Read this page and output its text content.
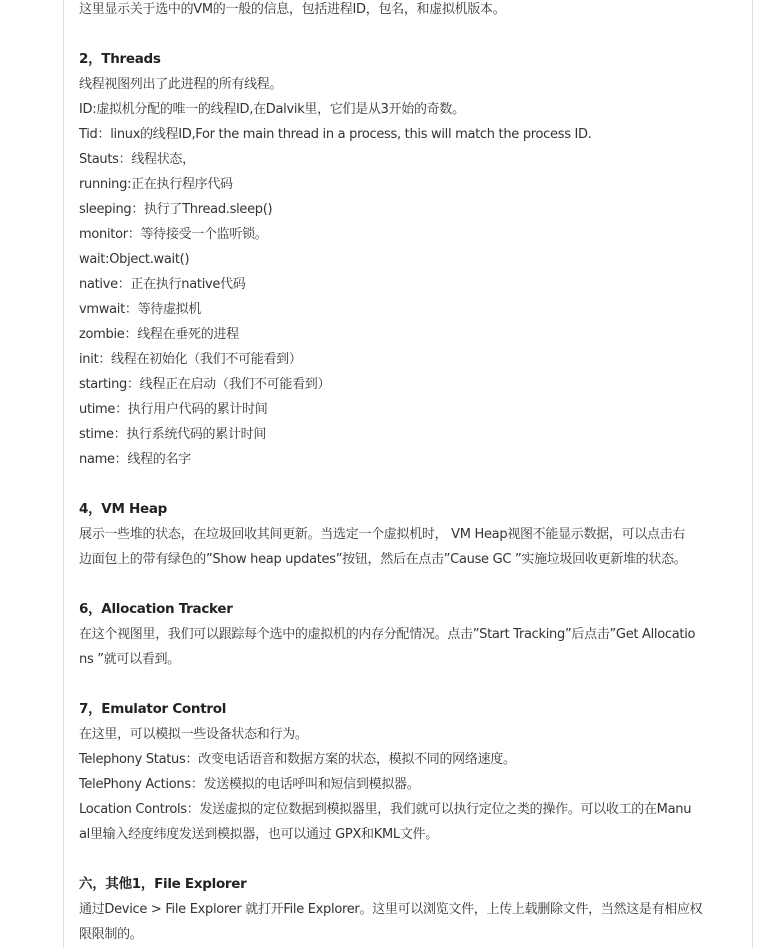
这里显示关于选中的VM的一般的信息，包括进程ID，包名，和虚拟机版本。
2，Threads
线程视图列出了此进程的所有线程。
ID:虚拟机分配的唯一的线程ID,在Dalvik里，它们是从3开始的奇数。
Tid：linux的线程ID,For the main thread in a process, this will match the process ID.
Stauts：线程状态，
running:正在执行程序代码
sleeping：执行了Thread.sleep()
monitor：等待接受一个监听锁。
wait:Object.wait()
native：正在执行native代码
vmwait：等待虚拟机
zombie：线程在垂死的进程
init：线程在初始化（我们不可能看到）
starting：线程正在启动（我们不可能看到）
utime：执行用户代码的累计时间
stime：执行系统代码的累计时间
name：线程的名字
4，VM Heap
展示一些堆的状态，在垃圾回收其间更新。当选定一个虚拟机时， VM Heap视图不能显示数据，可以点击右
边面包上的带有绿色的”Show heap updates”按钮，然后在点击”Cause GC ”实施垃圾回收更新堆的状态。
6，Allocation Tracker
在这个视图里，我们可以跟踪每个选中的虚拟机的内存分配情况。点击”Start Tracking”后点击”Get Allocatio
ns ”就可以看到。
7，Emulator Control
在这里，可以模拟一些设备状态和行为。
Telephony Status：改变电话语音和数据方案的状态，模拟不同的网络速度。
TelePhony Actions：发送模拟的电话呼叫和短信到模拟器。
Location Controls：发送虚拟的定位数据到模拟器里，我们就可以执行定位之类的操作。可以收工的在Manu
al里输入经度纬度发送到模拟器，也可以通过 GPX和KML文件。
六，其他1，File Explorer
通过Device > File Explorer 就打开File Explorer。这里可以浏览文件，上传上载删除文件，当然这是有相应权
限限制的。
